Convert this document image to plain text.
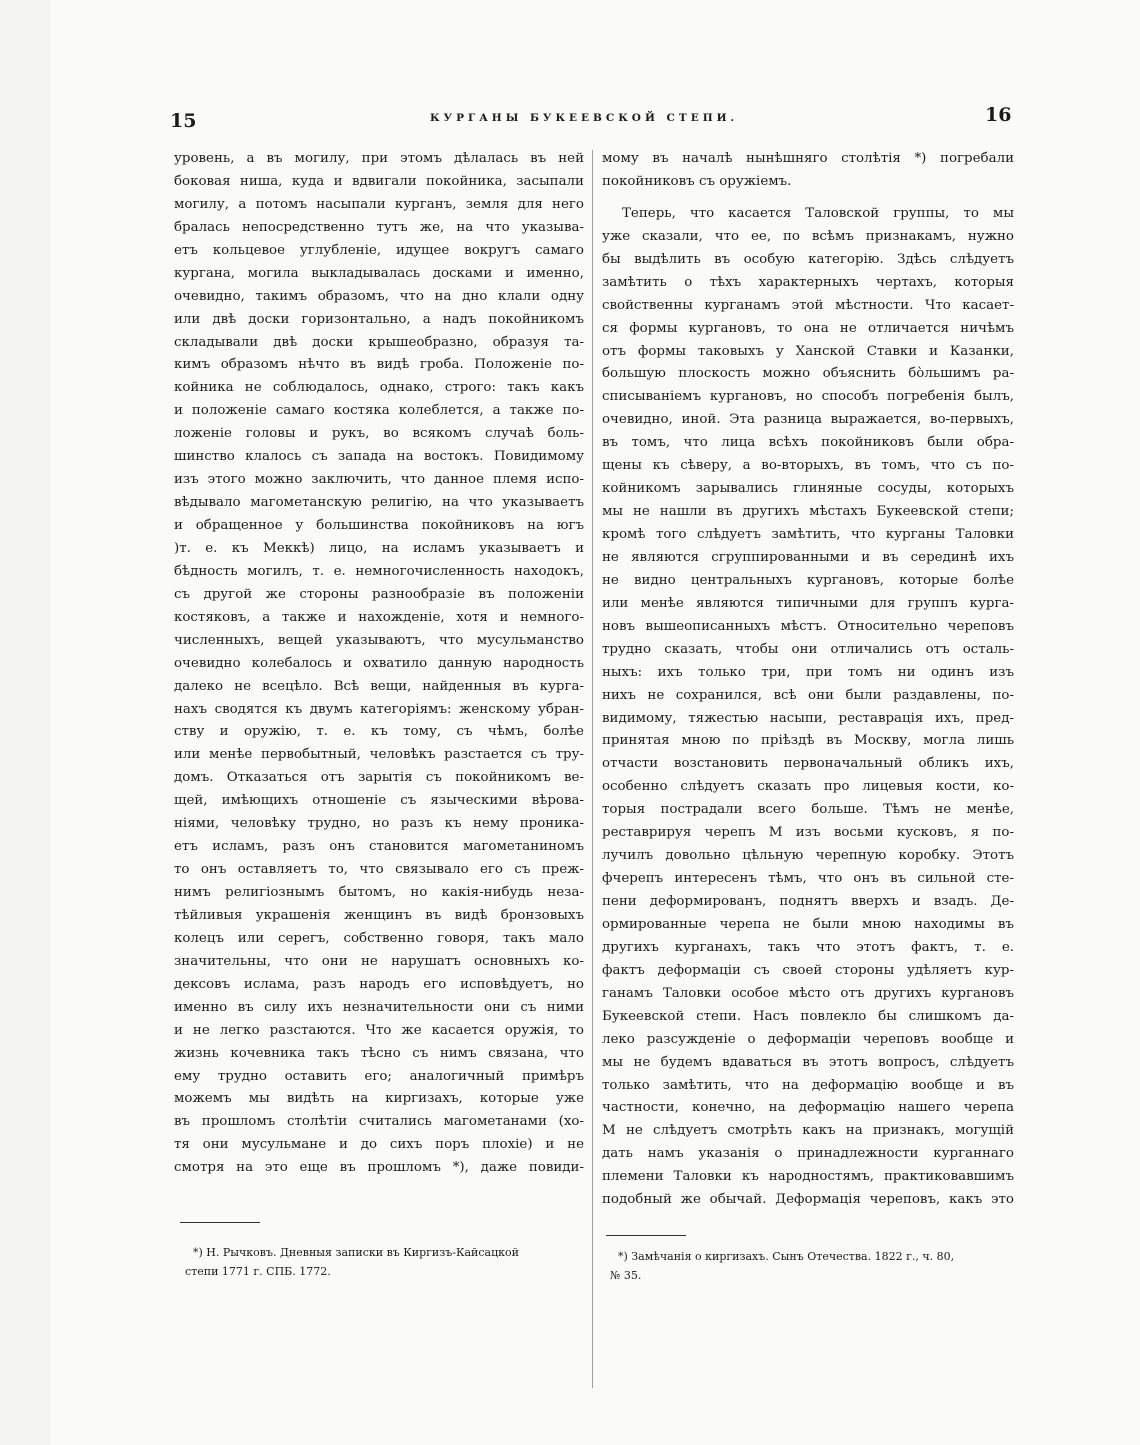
15	КУРГАНЫ БУКЕЕВСКОЙ СТЕПИ.	16
уровень, а въ могилу, при этомъ дѣлалась въ ней
боковая ниша, куда и вдвигали покойника, засыпали
могилу, а потомъ насыпали курганъ, земля для него
бралась непосредственно тутъ же, на что указыва-
етъ кольцевое углубленіе, идущее вокругъ самаго
кургана, могила выкладывалась досками и именно,
очевидно, такимъ образомъ, что на дно клали одну
или двѣ доски горизонтально, а надъ покойникомъ
складывали двѣ доски крышеобразно, образуя та-
кимъ образомъ нѣчто въ видѣ гроба. Положеніе по-
койника не соблюдалось, однако, строго: такъ какъ
и положеніе самаго костяка колеблется, а также по-
ложеніе головы и рукъ, во всякомъ случаѣ боль-
шинство клалось съ запада на востокъ. Повидимому
изъ этого можно заключить, что данное племя испо-
вѣдывало магометанскую религію, на что указываетъ
и обращенное у большинства покойниковъ на югъ
)т. е. къ Меккѣ) лицо, на исламъ указываетъ и
бѣдность могилъ, т. е. немногочисленность находокъ,
съ другой же стороны разнообразіе въ положеніи
костяковъ, а также и нахожденіе, хотя и немного-
численныхъ, вещей указываютъ, что мусульманство
очевидно колебалось и охватило данную народность
далеко не всецѣло. Всѣ вещи, найденныя въ курга-
нахъ сводятся къ двумъ категоріямъ: женскому убран-
ству и оружію, т. е. къ тому, съ чѣмъ, болѣе
или менѣе первобытный, человѣкъ разстается съ тру-
домъ. Отказаться отъ зарытія съ покойникомъ ве-
щей, имѣющихъ отношеніе съ языческими вѣрова-
ніями, человѣку трудно, но разъ къ нему проника-
етъ исламъ, разъ онъ становится магометаниномъ
то онъ оставляетъ то, что связывало его съ преж-
нимъ религіознымъ бытомъ, но какія-нибудь неза-
тѣйливыя украшенія женщинъ въ видѣ бронзовыхъ
колецъ или серегъ, собственно говоря, такъ мало
значительны, что они не нарушатъ основныхъ ко-
дексовъ ислама, разъ народъ его исповѣдуетъ, но
именно въ силу ихъ незначительности они съ ними
и не легко разстаются. Что же касается оружія, то
жизнь кочевника такъ тѣсно съ нимъ связана, что
ему трудно оставить его; аналогичный примѣръ
можемъ мы видѣть на киргизахъ, которые уже
въ прошломъ столѣтіи считались магометанами (хо-
тя они мусульмане и до сихъ поръ плохіе) и не
смотря на это еще въ прошломъ *), даже повиди-
мому въ началѣ нынѣшняго столѣтія *) погребали
покойниковъ съ оружіемъ.
Теперь, что касается Таловской группы, то мы
уже сказали, что ее, по всѣмъ признакамъ, нужно
бы выдѣлить въ особую категорію. Здѣсь слѣдуетъ
замѣтить о тѣхъ характерныхъ чертахъ, которыя
свойственны курганамъ этой мѣстности. Что касает-
ся формы кургановъ, то она не отличается ничѣмъ
отъ формы таковыхъ у Ханской Ставки и Казанки,
большую плоскость можно объяснить бо̀льшимъ ра-
списываніемъ кургановъ, но способъ погребенія былъ,
очевидно, иной. Эта разница выражается, во-первыхъ,
въ томъ, что лица всѣхъ покойниковъ были обра-
щены къ сѣверу, а во-вторыхъ, въ томъ, что съ по-
койникомъ зарывались глиняные сосуды, которыхъ
мы не нашли въ другихъ мѣстахъ Букеевской степи;
кромѣ того слѣдуетъ замѣтить, что курганы Таловки
не являются сгруппированными и въ серединѣ ихъ
не видно центральныхъ кургановъ, которые болѣе
или менѣе являются типичными для группъ курга-
новъ вышеописанныхъ мѣстъ. Относительно череповъ
трудно сказать, чтобы они отличались отъ осталь-
ныхъ: ихъ только три, при томъ ни одинъ изъ
нихъ не сохранился, всѣ они были раздавлены, по-
видимому, тяжестью насыпи, реставрація ихъ, пред-
принятая мною по пріѣздѣ въ Москву, могла лишь
отчасти возстановить первоначальный обликъ ихъ,
особенно слѣдуетъ сказать про лицевыя кости, ко-
торыя пострадали всего больше. Тѣмъ не менѣе,
реставрируя черепъ М изъ восьми кусковъ, я по-
лучилъ довольно цѣльную черепную коробку. Этотъ
фчерепъ интересенъ тѣмъ, что онъ въ сильной сте-
пени деформированъ, поднятъ вверхъ и взадъ. Де-
ормированные черепа не были мною находимы въ
другихъ курганахъ, такъ что этотъ фактъ, т. е.
фактъ деформаціи съ своей стороны удѣляетъ кур-
ганамъ Таловки особое мѣсто отъ другихъ кургановъ
Букеевской степи. Насъ повлекло бы слишкомъ да-
леко разсужденіе о деформаціи череповъ вообще и
мы не будемъ вдаваться въ этотъ вопросъ, слѣдуетъ
только замѣтить, что на деформацію вообще и въ
частности, конечно, на деформацію нашего черепа
М не слѣдуетъ смотрѣть какъ на признакъ, могущій
дать намъ указанія о принадлежности курганнаго
племени Таловки къ народностямъ, практиковавшимъ
подобный же обычай. Деформація череповъ, какъ это
*) Н. Рычковъ. Дневныя записки въ Киргизъ-Кайсацкой
степи 1771 г. СПБ. 1772.
*) Замѣчанія о киргизахъ. Сынъ Отечества. 1822 г., ч. 80,
№ 35.
